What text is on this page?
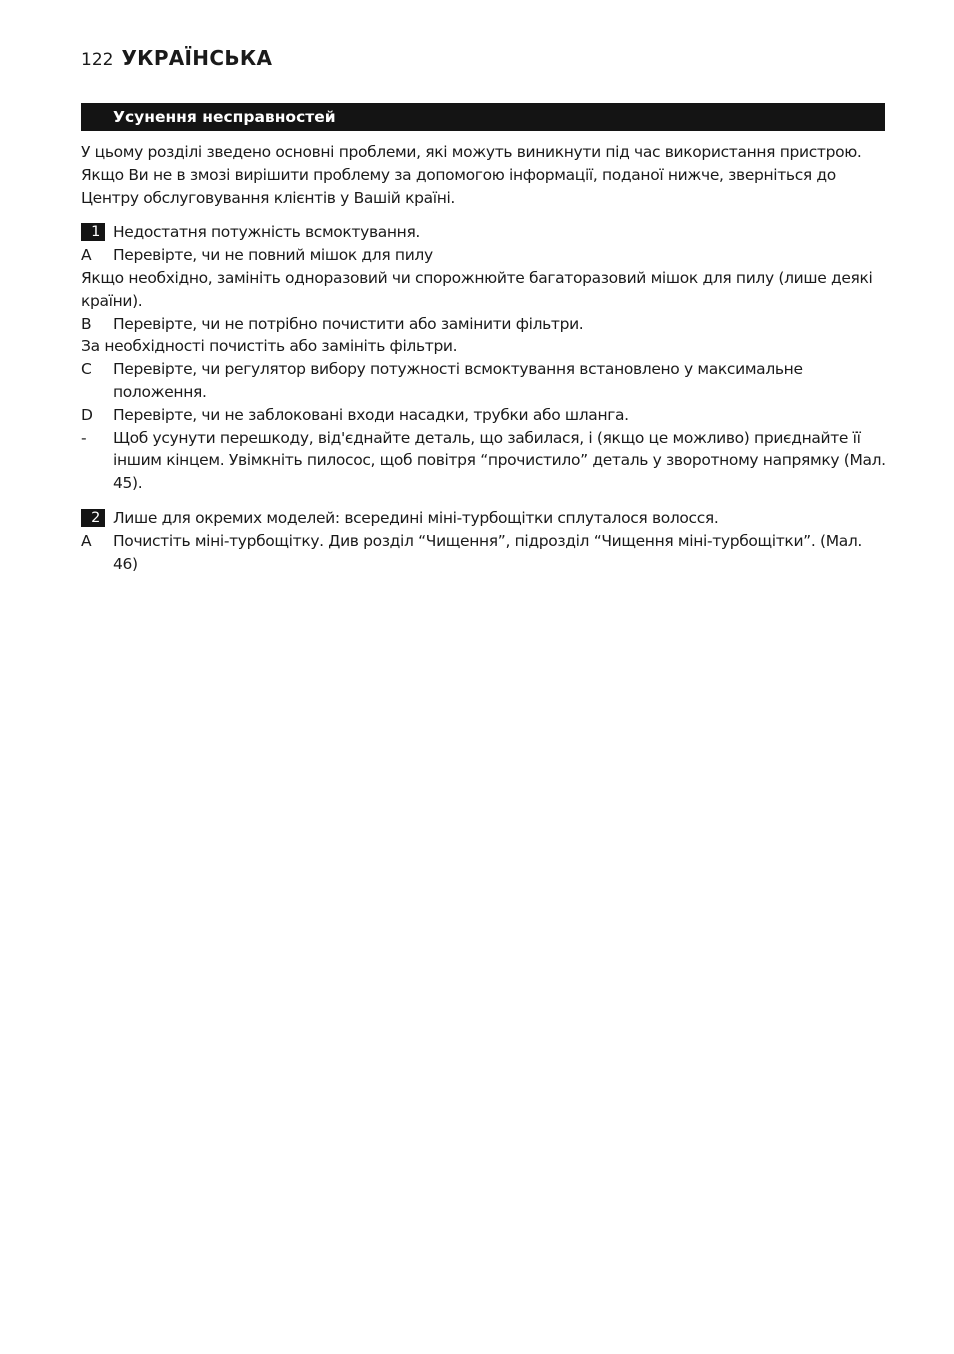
122 УКРАЇНСЬКА
Усунення несправностей

У цьому розділі зведено основні проблеми, які можуть виникнути під час використання пристрою. Якщо Ви не в змозі вирішити проблему за допомогою інформації, поданої нижче, зверніться до Центру обслуговування клієнтів у Вашій країні.

1 Недостатня потужність всмоктування.
A	Перевірте, чи не повний мішок для пилу

Якщо необхідно, замініть одноразовий чи спорожнюйте багаторазовий мішок для пилу (лише деякі країни).

B	Перевірте, чи не потрібно почистити або замінити фільтри.

За необхідності почистіть або замініть фільтри.

C	Перевірте, чи регулятор вибору потужності всмоктування встановлено у максимальне положення.
D	Перевірте, чи не заблоковані входи насадки, трубки або шланга.
-	Щоб усунути перешкоду, від'єднайте деталь, що забилася, і (якщо це можливо) приєднайте її іншим кінцем. Увімкніть пилосос, щоб повітря “прочистило” деталь у зворотному напрямку (Мал. 45).
2 Лише для окремих моделей: всередині міні-турбощітки сплуталося волосся.
A	Почистіть міні-турбощітку. Див розділ “Чищення”, підрозділ “Чищення міні-турбощітки”. (Мал. 46)
